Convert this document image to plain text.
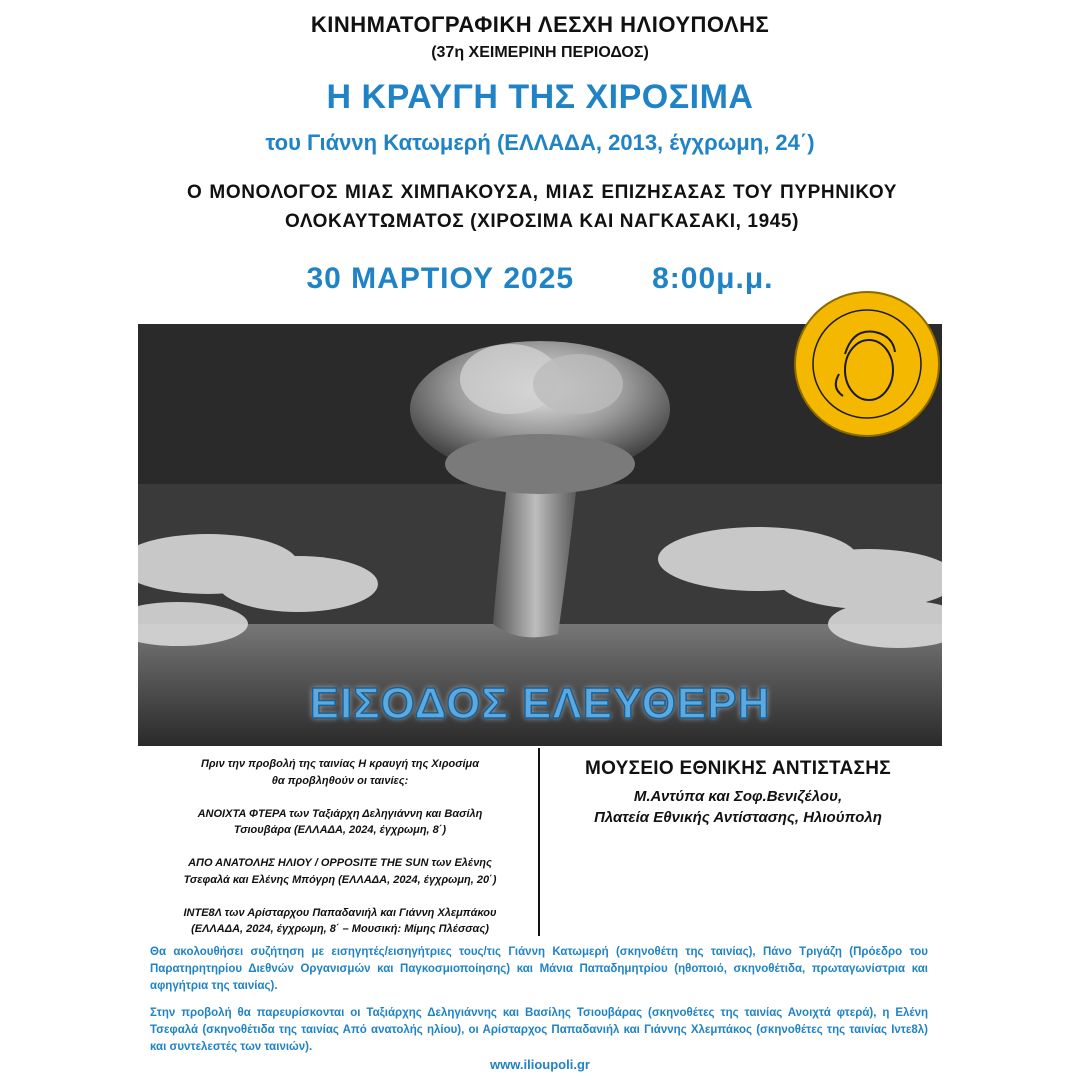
ΚΙΝΗΜΑΤΟΓΡΑΦΙΚΗ ΛΕΣΧΗ ΗΛΙΟΥΠΟΛΗΣ
(37η ΧΕΙΜΕΡΙΝΗ ΠΕΡΙΟΔΟΣ)
Η ΚΡΑΥΓΗ ΤΗΣ ΧΙΡΟΣΙΜΑ
του Γιάννη Κατωμερή (ΕΛΛΑΔΑ, 2013, έγχρωμη, 24΄)
Ο ΜΟΝΟΛΟΓΟΣ ΜΙΑΣ ΧΙΜΠΑΚΟΥΣΑ, ΜΙΑΣ ΕΠΙΖΗΣΑΣΑΣ ΤΟΥ ΠΥΡΗΝΙΚΟΥ ΟΛΟΚΑΥΤΩΜΑΤΟΣ (ΧΙΡΟΣΙΜΑ ΚΑΙ ΝΑΓΚΑΣΑΚΙ, 1945)
30 ΜΑΡΤΙΟΥ 2025	8:00μ.μ.
ΕΙΣΟΔΟΣ ΕΛΕΥΘΕΡΗ

Πριν την προβολή της ταινίας Η κραυγή της Χιροσίμα
θα προβληθούν οι ταινίες:

ΑΝΟΙΧΤΑ ΦΤΕΡΑ των Ταξιάρχη Δεληγιάννη και Βασίλη
Τσιουβάρα (ΕΛΛΑΔΑ, 2024, έγχρωμη, 8΄)

ΑΠΟ ΑΝΑΤΟΛΗΣ ΗΛΙΟΥ / OPPOSITE THE SUN των Ελένης
Τσεφαλά και Ελένης Μπόγρη (ΕΛΛΑΔΑ, 2024, έγχρωμη, 20΄)

ΙΝΤΕ8Λ των Αρίσταρχου Παπαδανιήλ και Γιάννη Χλεμπάκου
(ΕΛΛΑΔΑ, 2024, έγχρωμη, 8΄ – Μουσική: Μίμης Πλέσσας)

ΜΟΥΣΕΙΟ ΕΘΝΙΚΗΣ ΑΝΤΙΣΤΑΣΗΣ
Μ.Αντύπα και Σοφ.Βενιζέλου,
Πλατεία Εθνικής Αντίστασης, Ηλιούπολη
Θα ακολουθήσει συζήτηση με εισηγητές/εισηγήτριες τους/τις Γιάννη Κατωμερή (σκηνοθέτη της ταινίας), Πάνο Τριγάζη (Πρόεδρο του Παρατηρητηρίου Διεθνών Οργανισμών και Παγκοσμιοποίησης) και Μάνια Παπαδημητρίου (ηθοποιό, σκηνοθέτιδα, πρωταγωνίστρια και αφηγήτρια της ταινίας).
Στην προβολή θα παρευρίσκονται οι Ταξιάρχης Δεληγιάννης και Βασίλης Τσιουβάρας (σκηνοθέτες της ταινίας Ανοιχτά φτερά), η Ελένη Τσεφαλά (σκηνοθέτιδα της ταινίας Από ανατολής ηλίου), οι Αρίσταρχος Παπαδανιήλ και Γιάννης Χλεμπάκος (σκηνοθέτες της ταινίας Ιντε8λ) και συντελεστές των ταινιών).
www.ilioupoli.gr
